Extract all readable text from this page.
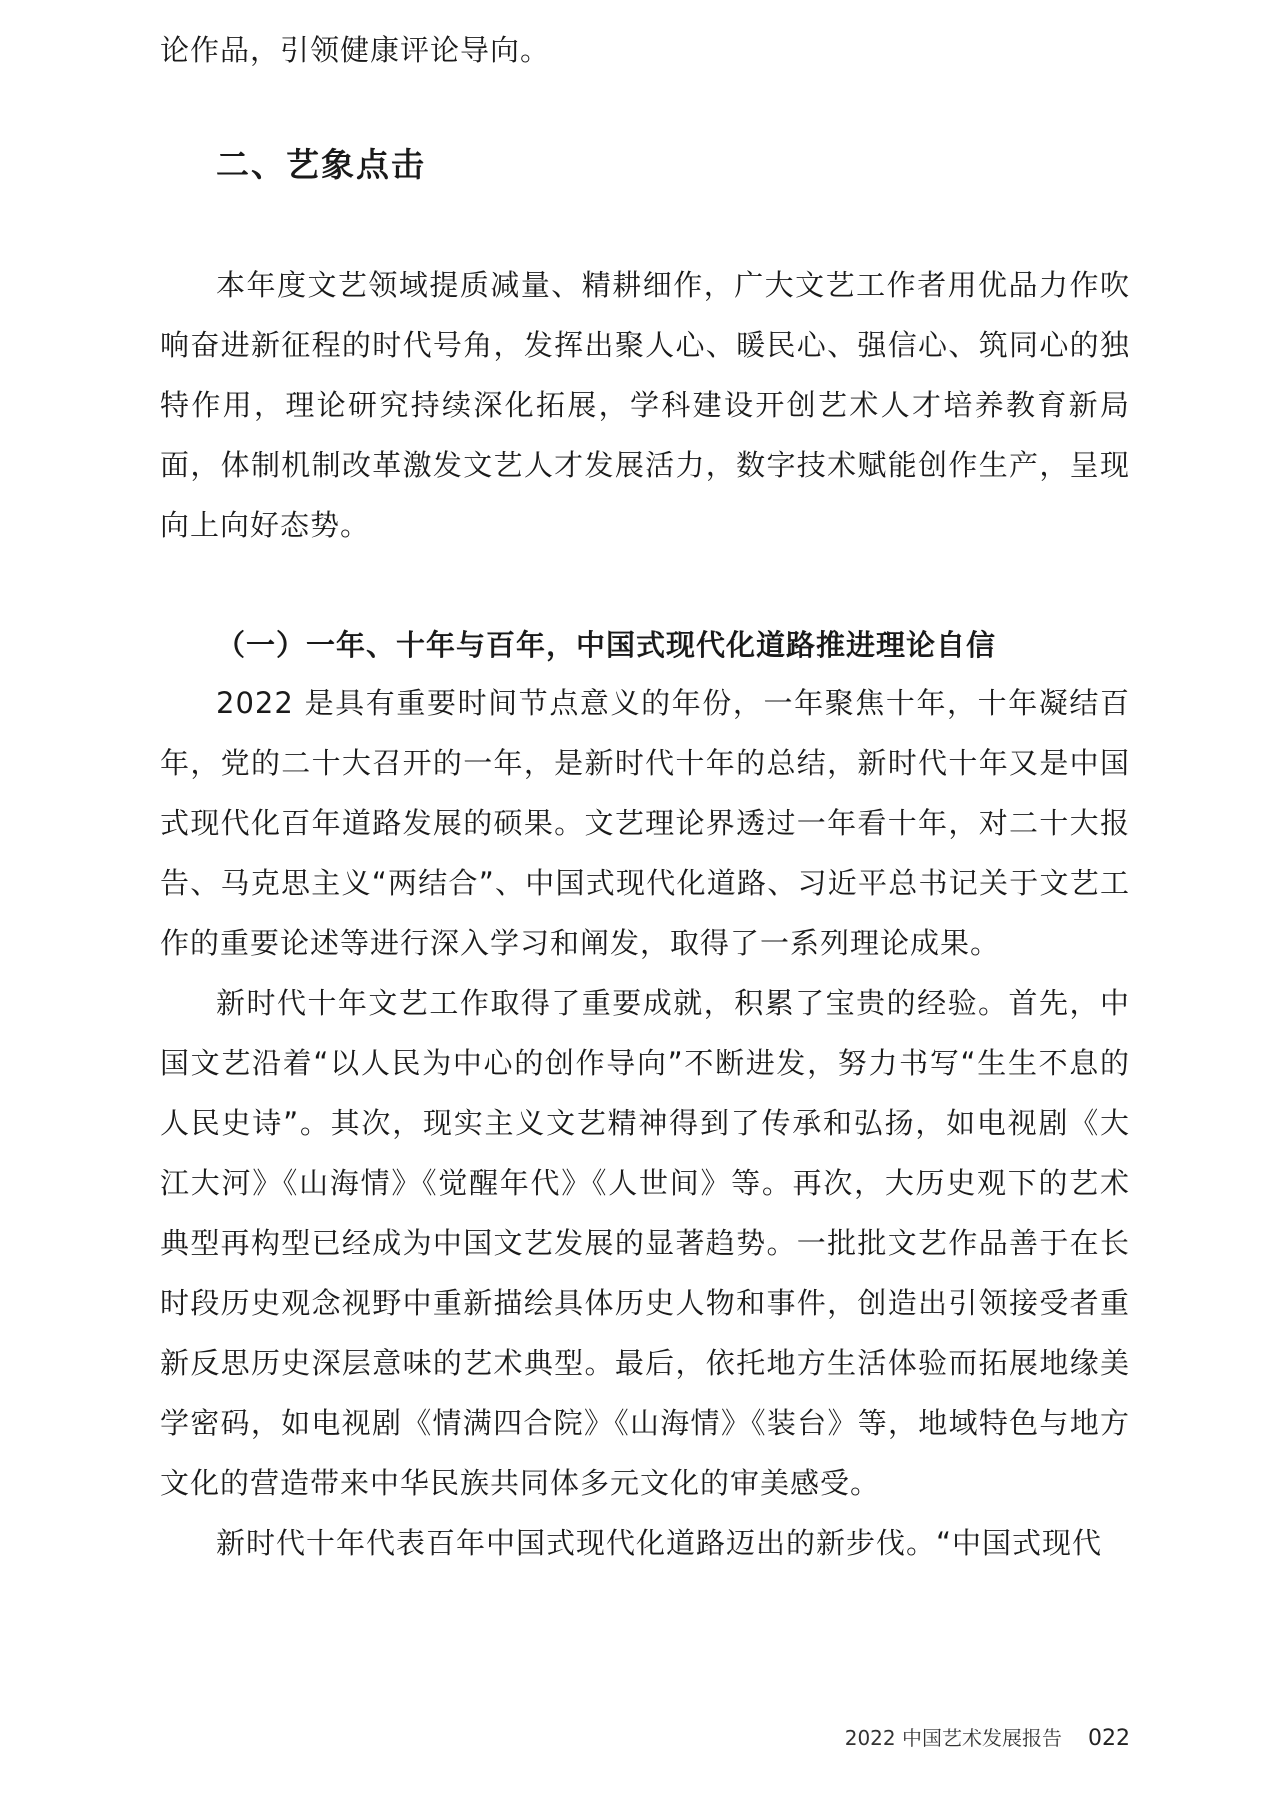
论作品，引领健康评论导向。

二、艺象点击

本年度文艺领域提质减量、精耕细作，广大文艺工作者用优品力作吹响奋进新征程的时代号角，发挥出聚人心、暖民心、强信心、筑同心的独特作用，理论研究持续深化拓展，学科建设开创艺术人才培养教育新局面，体制机制改革激发文艺人才发展活力，数字技术赋能创作生产，呈现向上向好态势。

（一）一年、十年与百年，中国式现代化道路推进理论自信

2022 是具有重要时间节点意义的年份，一年聚焦十年，十年凝结百年，党的二十大召开的一年，是新时代十年的总结，新时代十年又是中国式现代化百年道路发展的硕果。文艺理论界透过一年看十年，对二十大报告、马克思主义“两结合”、中国式现代化道路、习近平总书记关于文艺工作的重要论述等进行深入学习和阐发，取得了一系列理论成果。

新时代十年文艺工作取得了重要成就，积累了宝贵的经验。首先，中国文艺沿着“以人民为中心的创作导向”不断进发，努力书写“生生不息的人民史诗”。其次，现实主义文艺精神得到了传承和弘扬，如电视剧《大江大河》《山海情》《觉醒年代》《人世间》等。再次，大历史观下的艺术典型再构型已经成为中国文艺发展的显著趋势。一批批文艺作品善于在长时段历史观念视野中重新描绘具体历史人物和事件，创造出引领接受者重新反思历史深层意味的艺术典型。最后，依托地方生活体验而拓展地缘美学密码，如电视剧《情满四合院》《山海情》《装台》等，地域特色与地方文化的营造带来中华民族共同体多元文化的审美感受。

新时代十年代表百年中国式现代化道路迈出的新步伐。“中国式现代

2022 中国艺术发展报告 022
